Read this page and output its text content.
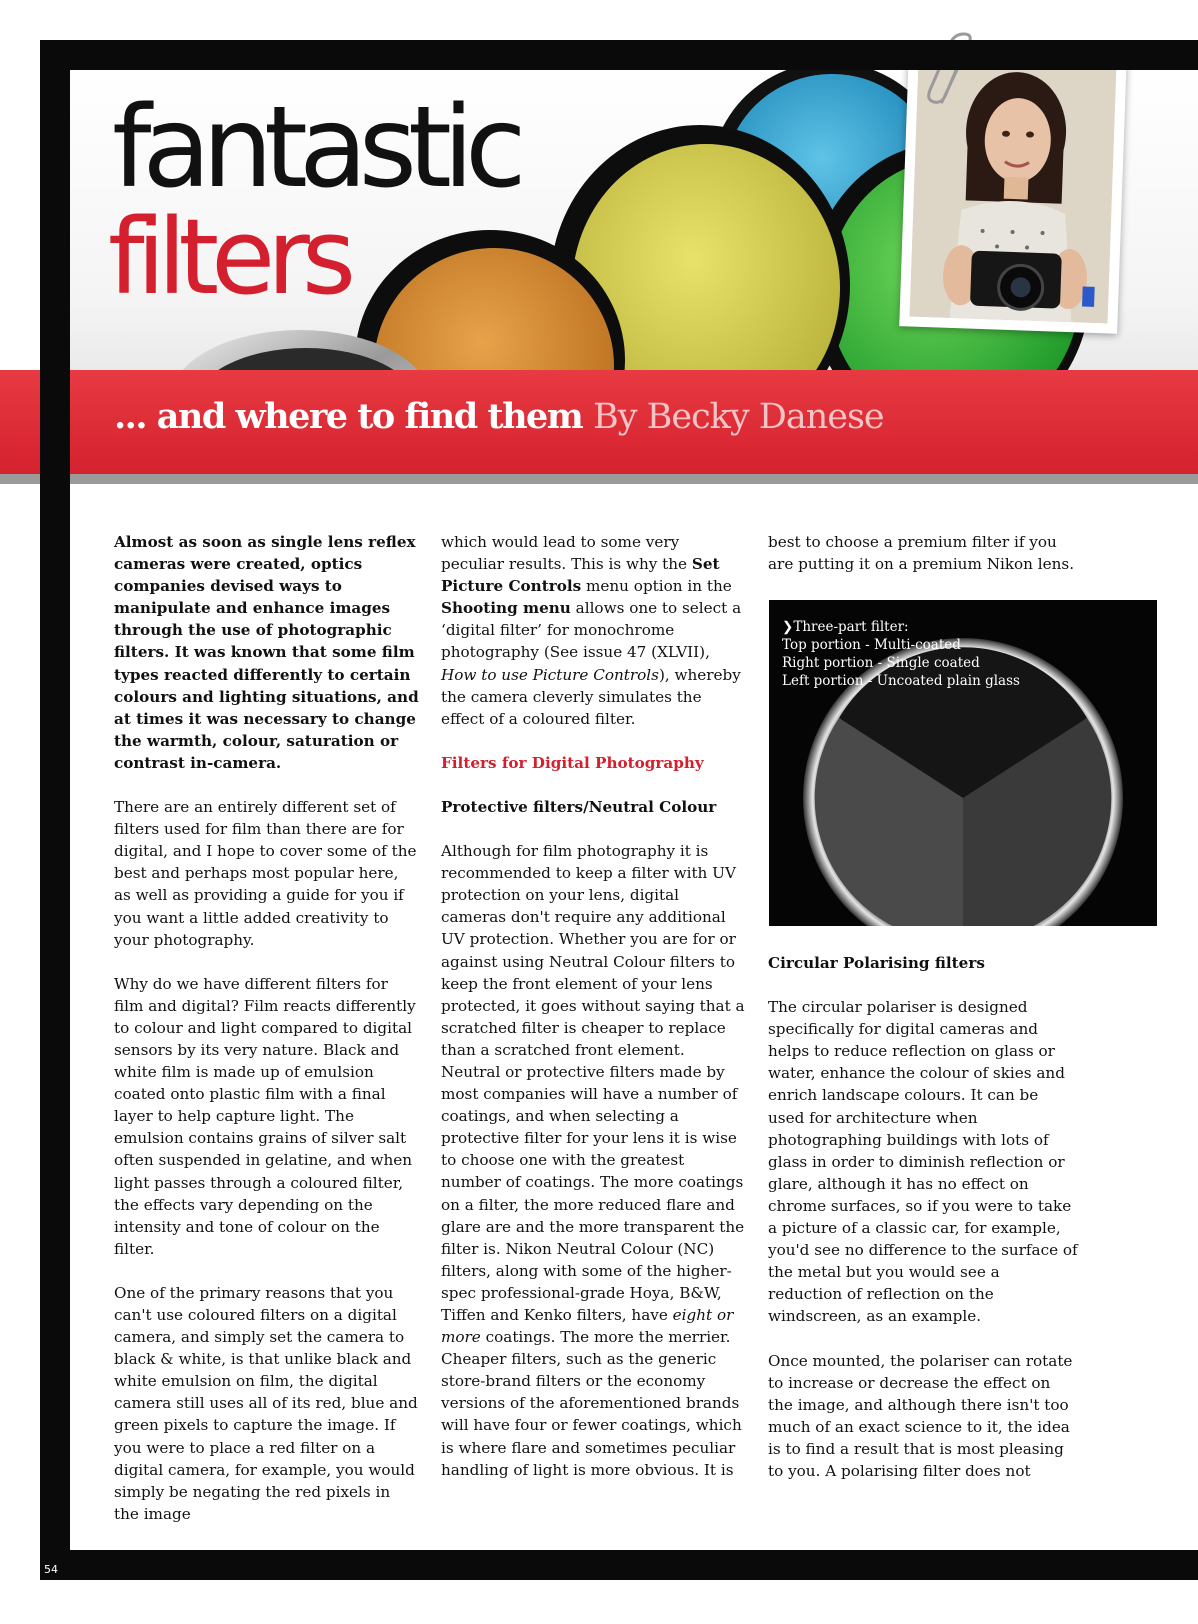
fantastic
filters
... and where to find them By Becky Danese
54

Almost as soon as single lens reflex cameras were created, optics companies devised ways to manipulate and enhance images through the use of photographic filters. It was known that some film types reacted differently to certain colours and lighting situations, and at times it was necessary to change the warmth, colour, saturation or contrast in-camera.

There are an entirely different set of filters used for film than there are for digital, and I hope to cover some of the best and perhaps most popular here, as well as providing a guide for you if you want a little added creativity to your photography.

Why do we have different filters for film and digital? Film reacts differently to colour and light compared to digital sensors by its very nature. Black and white film is made up of emulsion coated onto plastic film with a final layer to help capture light. The emulsion contains grains of silver salt often suspended in gelatine, and when light passes through a coloured filter, the effects vary depending on the intensity and tone of colour on the filter.

One of the primary reasons that you can't use coloured filters on a digital camera, and simply set the camera to black & white, is that unlike black and white emulsion on film, the digital camera still uses all of its red, blue and green pixels to capture the image. If you were to place a red filter on a digital camera, for example, you would simply be negating the red pixels in the image

which would lead to some very peculiar results. This is why the Set Picture Controls menu option in the Shooting menu allows one to select a ‘digital filter’ for monochrome photography (See issue 47 (XLVII), How to use Picture Controls), whereby the camera cleverly simulates the effect of a coloured filter.

Filters for Digital Photography

Protective filters/Neutral Colour

Although for film photography it is recommended to keep a filter with UV protection on your lens, digital cameras don't require any additional UV protection. Whether you are for or against using Neutral Colour filters to keep the front element of your lens protected, it goes without saying that a scratched filter is cheaper to replace than a scratched front element. Neutral or protective filters made by most companies will have a number of coatings, and when selecting a protective filter for your lens it is wise to choose one with the greatest number of coatings. The more coatings on a filter, the more reduced flare and glare are and the more transparent the filter is. Nikon Neutral Colour (NC) filters, along with some of the higher-spec professional-grade Hoya, B&W, Tiffen and Kenko filters, have eight or more coatings. The more the merrier. Cheaper filters, such as the generic store-brand filters or the economy versions of the aforementioned brands will have four or fewer coatings, which is where flare and sometimes peculiar handling of light is more obvious. It is

best to choose a premium filter if you are putting it on a premium Nikon lens.

❯Three-part filter:
Top portion - Multi-coated
Right portion - Single coated
Left portion - Uncoated plain glass

Circular Polarising filters

The circular polariser is designed specifically for digital cameras and helps to reduce reflection on glass or water, enhance the colour of skies and enrich landscape colours. It can be used for architecture when photographing buildings with lots of glass in order to diminish reflection or glare, although it has no effect on chrome surfaces, so if you were to take a picture of a classic car, for example, you'd see no difference to the surface of the metal but you would see a reduction of reflection on the windscreen, as an example.

Once mounted, the polariser can rotate to increase or decrease the effect on the image, and although there isn't too much of an exact science to it, the idea is to find a result that is most pleasing to you. A polarising filter does not
